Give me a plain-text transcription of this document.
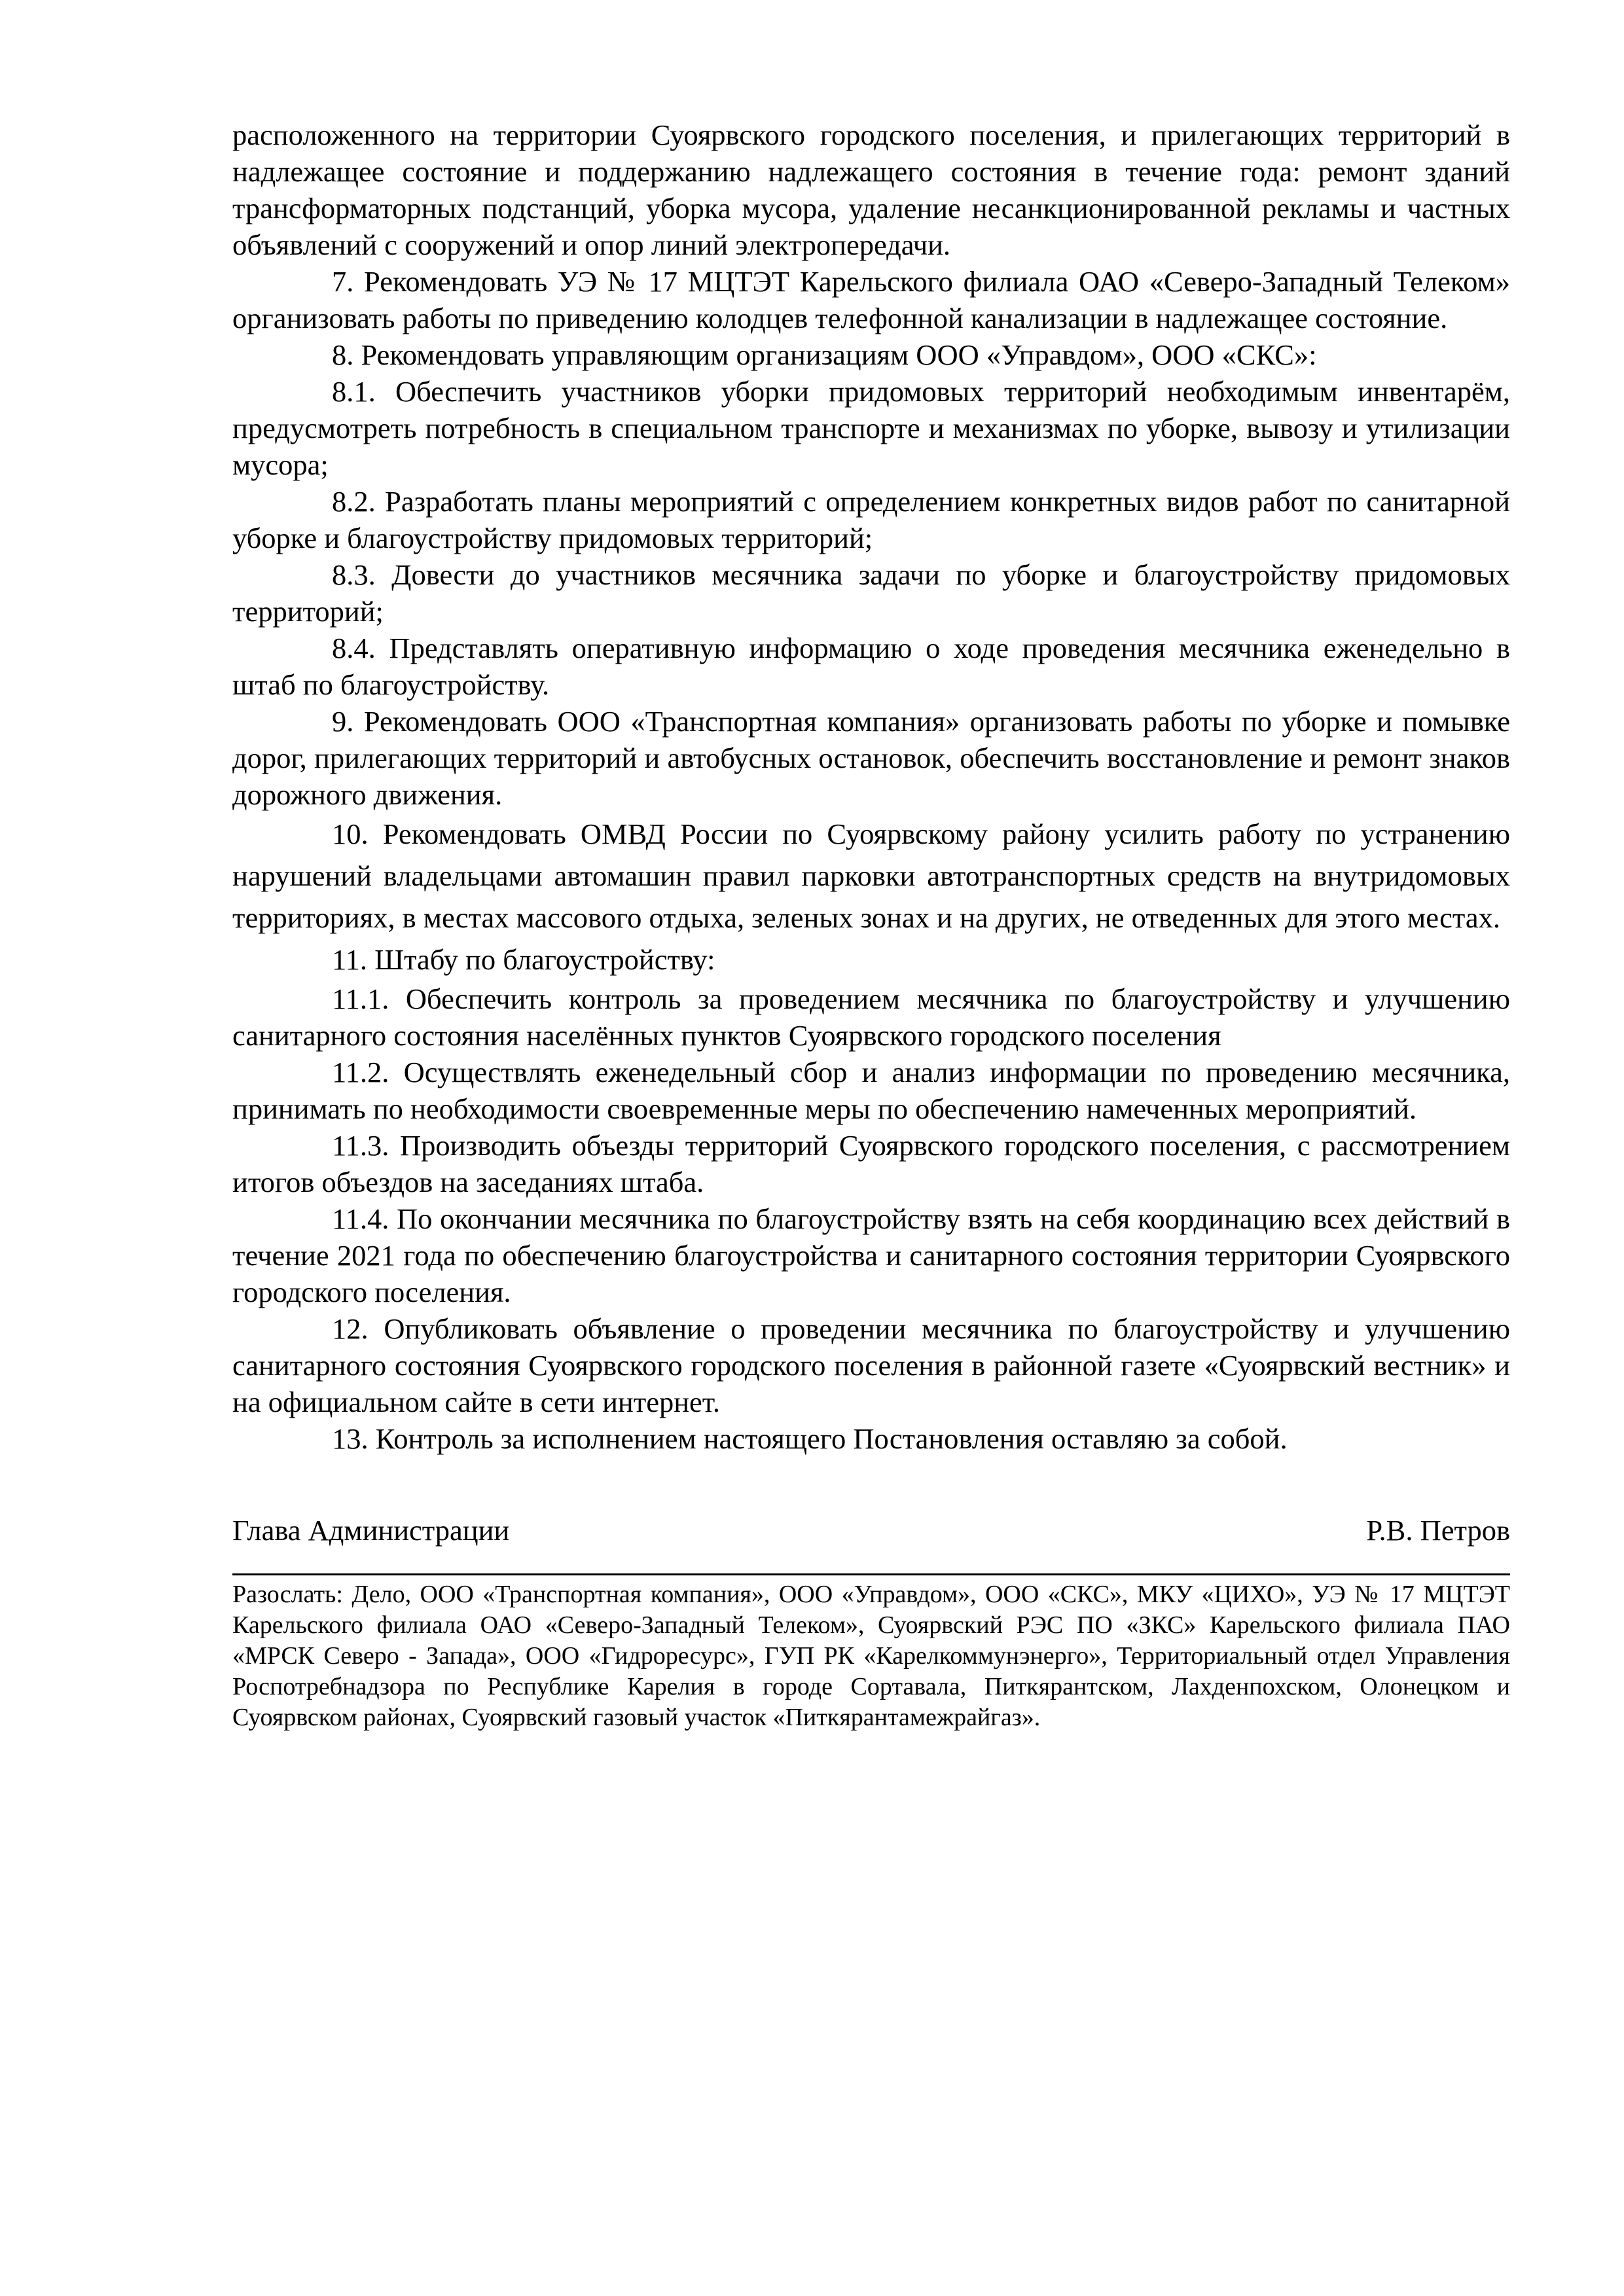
расположенного на территории Суоярвского городского поселения, и прилегающих территорий в надлежащее состояние и поддержанию надлежащего состояния в течение года: ремонт зданий трансформаторных подстанций, уборка мусора, удаление несанкционированной рекламы и частных объявлений с сооружений и опор линий электропередачи.

7. Рекомендовать УЭ № 17 МЦТЭТ Карельского филиала ОАО «Северо-Западный Телеком» организовать работы по приведению колодцев телефонной канализации в надлежащее состояние.

8. Рекомендовать управляющим организациям ООО «Управдом», ООО «СКС»:

8.1. Обеспечить участников уборки придомовых территорий необходимым инвентарём, предусмотреть потребность в специальном транспорте и механизмах по уборке, вывозу и утилизации мусора;

8.2. Разработать планы мероприятий с определением конкретных видов работ по санитарной уборке и благоустройству придомовых территорий;

8.3. Довести до участников месячника задачи по уборке и благоустройству придомовых территорий;

8.4. Представлять оперативную информацию о ходе проведения месячника еженедельно в штаб по благоустройству.

9. Рекомендовать ООО «Транспортная компания» организовать работы по уборке и помывке дорог, прилегающих территорий и автобусных остановок, обеспечить восстановление и ремонт знаков дорожного движения.

10. Рекомендовать ОМВД России по Суоярвскому району усилить работу по устранению нарушений владельцами автомашин правил парковки автотранспортных средств на внутридомовых территориях, в местах массового отдыха, зеленых зонах и на других, не отведенных для этого местах.

11. Штабу по благоустройству:

11.1. Обеспечить контроль за проведением месячника по благоустройству и улучшению санитарного состояния населённых пунктов Суоярвского городского поселения

11.2. Осуществлять еженедельный сбор и анализ информации по проведению месячника, принимать по необходимости своевременные меры по обеспечению намеченных мероприятий.

11.3. Производить объезды территорий Суоярвского городского поселения, с рассмотрением итогов объездов на заседаниях штаба.

11.4. По окончании месячника по благоустройству взять на себя координацию всех действий в течение 2021 года по обеспечению благоустройства и санитарного состояния территории Суоярвского городского поселения.

12. Опубликовать объявление о проведении месячника по благоустройству и улучшению санитарного состояния Суоярвского городского поселения в районной газете «Суоярвский вестник» и на официальном сайте в сети интернет.

13. Контроль за исполнением настоящего Постановления оставляю за собой.

Глава Администрации	Р.В. Петров

Разослать: Дело, ООО «Транспортная компания», ООО «Управдом», ООО «СКС», МКУ «ЦИХО», УЭ № 17 МЦТЭТ Карельского филиала ОАО «Северо-Западный Телеком», Суоярвский РЭС ПО «ЗКС» Карельского филиала ПАО «МРСК Северо - Запада», ООО «Гидроресурс», ГУП РК «Карелкоммунэнерго», Территориальный отдел Управления Роспотребнадзора по Республике Карелия в городе Сортавала, Питкярантском, Лахденпохском, Олонецком и Суоярвском районах, Суоярвский газовый участок «Питкярантамежрайгаз».
